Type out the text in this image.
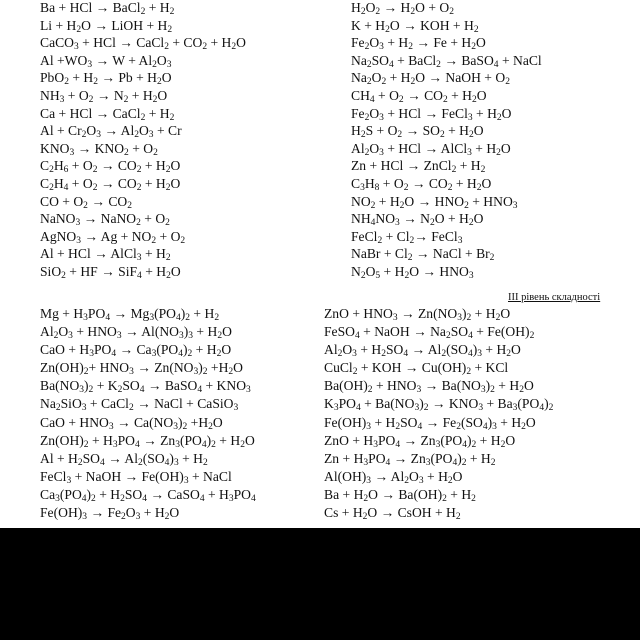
Ba + HCl → BaCl$_2$ + $H_2$
$Li + H_2O$ → LiOH + $H_2$
CaCO$_3$ + HCl → CaCl$_2$ + $CO_2 + H_2O$
$Al +WO_3 \to W + Al_2O_3$
$PbO_2 + H_2 \to Pb + H_2O$
$NH_3 + O_2 \to N_2 + H_2O$
Ca + HCl → CaCl$_2$ + $H_2$
$Al + Cr_2O_3 \to Al_2O_3 + Cr$
$KNO_3 \to KNO_2 + O_2$
$C_2H_6 + O_2 \to CO_2 + H_2O$
$C_2H_4 + O_2 \to CO_2 + H_2O$
CO + $O_2 \to CO_2$
NaNO$_3$ → NaNO$_2$ + $O_2$
AgNO$_3$ → $Ag + NO_2 + O_2$
Al + HCl → AlCl$_3$ + $H_2$
SiO$_2$ + HF → $SiF_4 + H_2O$
$H_2O_2 \to H_2O + O_2$
$K + H_2O$ → KOH + $H_2$
$Fe_2O_3 + H_2 \to Fe + H_2O$
$Na_2SO_4$ + BaCl$_2$ → BaSO$_4$ + NaCl
$Na_2O_2 + H_2O$ → NaOH + $O_2$
$CH_4 + O_2 \to CO_2 + H_2O$
$Fe_2O_3$ + HCl → FeCl$_3$ + $H_2O$
$H_2S + O_2 \to SO_2 + H_2O$
$Al_2O_3$ + HCl → AlCl$_3$ + $H_2O$
Zn + HCl → ZnCl$_2$ + $H_2$
$C_3H_8 + O_2 \to CO_2 + H_2O$
$NO_2 + H_2O \to HNO_2 + HNO_3$
$NH_4NO_3 \to N_2O + H_2O$
FeCl$_2$ + $Cl_2\to$ FeCl$_3$
NaBr + $Cl_2$ → NaCl + $Br_2$
$N_2O_5 + H_2O \to HNO_3$
III рівень складності
$Mg + H_3PO_4 \to Mg_3(PO_4)_2 + H_2$
$Al_2O_3 + HNO_3 \to Al(NO_3)_3 + H_2O$
CaO + $H_3PO_4 \to Ca_3(PO_4)_2 + H_2O$
$Zn(OH)_2+ HNO_3 \to Zn(NO_3)_2 +H_2O$
$Ba(NO_3)_2 + K_2SO_4$ → BaSO$_4$ + $KNO_3$
$Na_2SiO_3$ + CaCl$_2$ → NaCl + CaSiO$_3$
CaO + $HNO_3 \to Ca(NO_3)_2 +H_2O$
$Zn(OH)_2 + H_3PO_4 \to Zn_3(PO_4)_2 + H_2O$
$Al + H_2SO_4 \to Al_2(SO_4)_3 + H_2$
FeCl$_3$ + NaOH → $Fe(OH)_3$ + NaCl
$Ca_3(PO_4)_2 + H_2SO_4$ → CaSO$_4$ + $H_3PO_4$
$Fe(OH)_3 \to Fe_2O_3 + H_2O$
ZnO + $HNO_3 \to Zn(NO_3)_2 + H_2O$
FeSO$_4$ + NaOH → $Na_2SO_4 + Fe(OH)_2$
$Al_2O_3 + H_2SO_4 \to Al_2(SO_4)_3 + H_2O$
CuCl$_2$ + KOH → $Cu(OH)_2$ + KCl
$Ba(OH)_2 + HNO_3 \to Ba(NO_3)_2 + H_2O$
$K_3PO_4 + Ba(NO_3)_2 \to KNO_3 + Ba_3(PO_4)_2$
$Fe(OH)_3 + H_2SO_4 \to Fe_2(SO_4)_3 + H_2O$
ZnO + $H_3PO_4 \to Zn_3(PO_4)_2 + H_2O$
$Zn + H_3PO_4 \to Zn_3(PO_4)_2 + H_2$
$Al(OH)_3 \to Al_2O_3 + H_2O$
$Ba + H_2O \to Ba(OH)_2 + H_2$
$Cs + H_2O$ → CsOH + $H_2$
